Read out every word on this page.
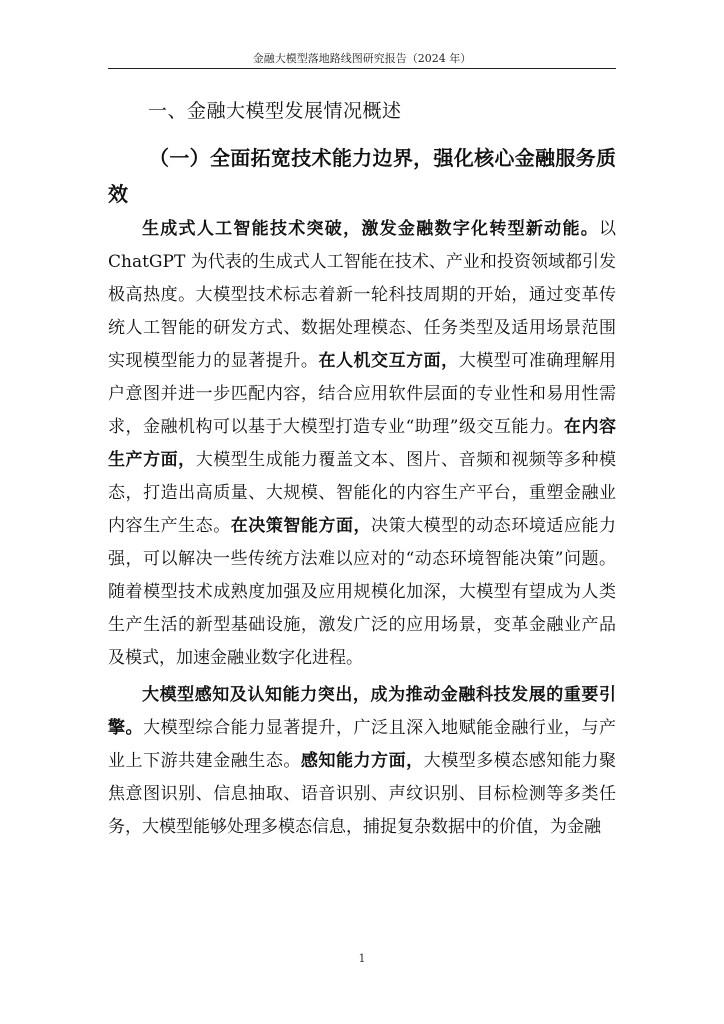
金融大模型落地路线图研究报告（2024 年）
一、金融大模型发展情况概述
（一）全面拓宽技术能力边界，强化核心金融服务质效

生成式人工智能技术突破，激发金融数字化转型新动能。以ChatGPT 为代表的生成式人工智能在技术、产业和投资领域都引发极高热度。大模型技术标志着新一轮科技周期的开始，通过变革传统人工智能的研发方式、数据处理模态、任务类型及适用场景范围实现模型能力的显著提升。在人机交互方面，大模型可准确理解用户意图并进一步匹配内容，结合应用软件层面的专业性和易用性需求，金融机构可以基于大模型打造专业“助理”级交互能力。在内容生产方面，大模型生成能力覆盖文本、图片、音频和视频等多种模态，打造出高质量、大规模、智能化的内容生产平台，重塑金融业内容生产生态。在决策智能方面，决策大模型的动态环境适应能力强，可以解决一些传统方法难以应对的“动态环境智能决策”问题。随着模型技术成熟度加强及应用规模化加深，大模型有望成为人类生产生活的新型基础设施，激发广泛的应用场景，变革金融业产品及模式，加速金融业数字化进程。

大模型感知及认知能力突出，成为推动金融科技发展的重要引擎。大模型综合能力显著提升，广泛且深入地赋能金融行业，与产业上下游共建金融生态。感知能力方面，大模型多模态感知能力聚焦意图识别、信息抽取、语音识别、声纹识别、目标检测等多类任务，大模型能够处理多模态信息，捕捉复杂数据中的价值，为金融

1
